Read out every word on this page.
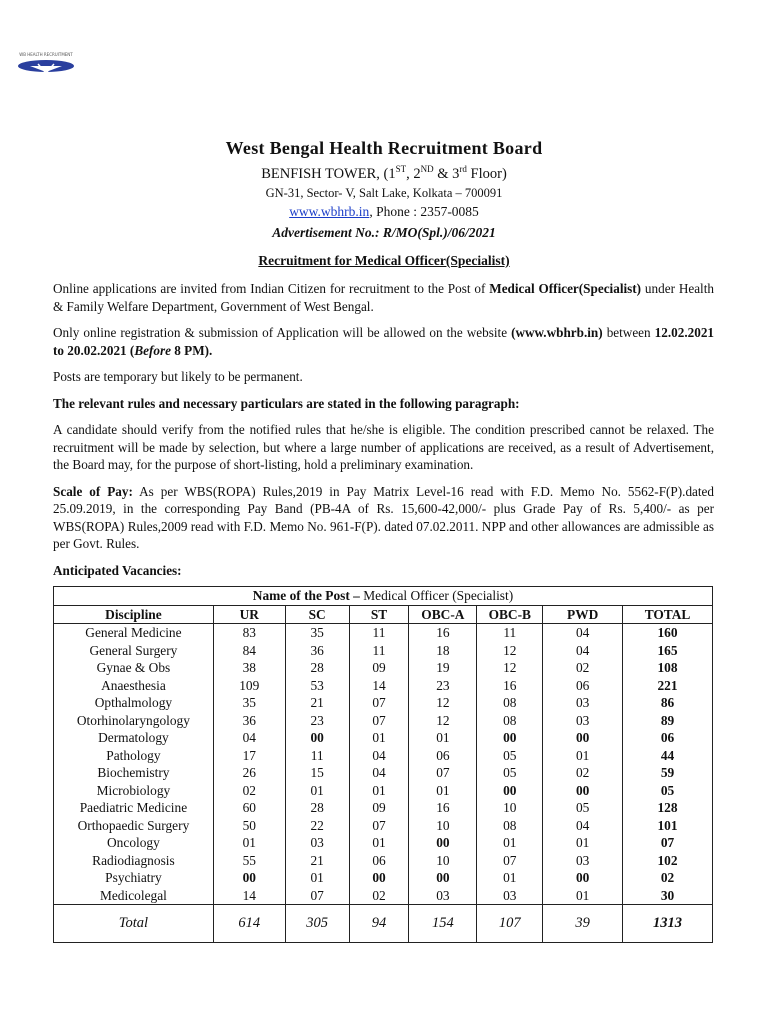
WB HEALTH RECRUITMENT
West Bengal Health Recruitment Board
BENFISH TOWER, (1ST, 2ND & 3rd Floor)
GN-31, Sector- V, Salt Lake, Kolkata – 700091
www.wbhrb.in, Phone : 2357-0085
Advertisement No.: R/MO(Spl.)/06/2021
Recruitment for Medical Officer(Specialist)

Online applications are invited from Indian Citizen for recruitment to the Post of Medical Officer(Specialist) under Health & Family Welfare Department, Government of West Bengal.

Only online registration & submission of Application will be allowed on the website (www.wbhrb.in) between 12.02.2021 to 20.02.2021 (Before 8 PM).

Posts are temporary but likely to be permanent.

The relevant rules and necessary particulars are stated in the following paragraph:

A candidate should verify from the notified rules that he/she is eligible. The condition prescribed cannot be relaxed. The recruitment will be made by selection, but where a large number of applications are received, as a result of Advertisement, the Board may, for the purpose of short-listing, hold a preliminary examination.

Scale of Pay: As per WBS(ROPA) Rules,2019 in Pay Matrix Level-16 read with F.D. Memo No. 5562-F(P).dated 25.09.2019, in the corresponding Pay Band (PB-4A of Rs. 15,600-42,000/- plus Grade Pay of Rs. 5,400/- as per WBS(ROPA) Rules,2009 read with F.D. Memo No. 961-F(P). dated 07.02.2011. NPP and other allowances are admissible as per Govt. Rules.

Anticipated Vacancies:

Name of the Post – Medical Officer (Specialist)							
Discipline	UR	SC	ST	OBC-A	OBC-B	PWD	TOTAL
General Medicine	83	35	11	16	11	04	160
General Surgery	84	36	11	18	12	04	165
Gynae & Obs	38	28	09	19	12	02	108
Anaesthesia	109	53	14	23	16	06	221
Opthalmology	35	21	07	12	08	03	86
Otorhinolaryngology	36	23	07	12	08	03	89
Dermatology	04	00	01	01	00	00	06
Pathology	17	11	04	06	05	01	44
Biochemistry	26	15	04	07	05	02	59
Microbiology	02	01	01	01	00	00	05
Paediatric Medicine	60	28	09	16	10	05	128
Orthopaedic Surgery	50	22	07	10	08	04	101
Oncology	01	03	01	00	01	01	07
Radiodiagnosis	55	21	06	10	07	03	102
Psychiatry	00	01	00	00	01	00	02
Medicolegal	14	07	02	03	03	01	30
Total	614	305	94	154	107	39	1313
